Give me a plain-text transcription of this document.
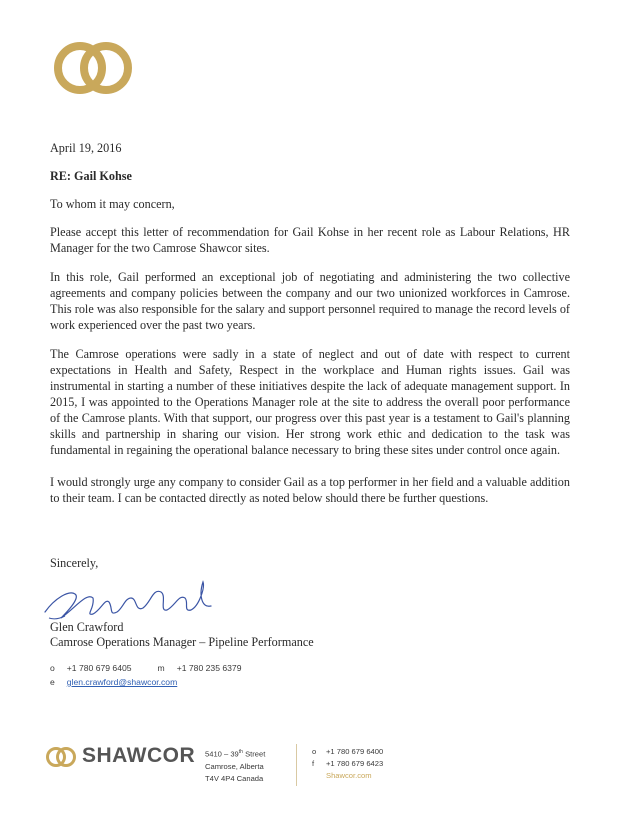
April 19, 2016
RE: Gail Kohse
To whom it may concern,
Please accept this letter of recommendation for Gail Kohse in her recent role as Labour Relations, HR Manager for the two Camrose Shawcor sites.
In this role, Gail performed an exceptional job of negotiating and administering the two collective agreements and company policies between the company and our two unionized workforces in Camrose. This role was also responsible for the salary and support personnel required to manage the record levels of work experienced over the past two years.
The Camrose operations were sadly in a state of neglect and out of date with respect to current expectations in Health and Safety, Respect in the workplace and Human rights issues. Gail was instrumental in starting a number of these initiatives despite the lack of adequate management support. In 2015, I was appointed to the Operations Manager role at the site to address the overall poor performance of the Camrose plants. With that support, our progress over this past year is a testament to Gail's planning skills and partnership in sharing our vision. Her strong work ethic and dedication to the task was fundamental in regaining the operational balance necessary to bring these sites under control once again.
I would strongly urge any company to consider Gail as a top performer in her field and a valuable addition to their team. I can be contacted directly as noted below should there be further questions.
Sincerely,
Glen Crawford
Camrose Operations Manager – Pipeline Performance
o +1 780 679 6405	m +1 780 235 6379
e glen.crawford@shawcor.com
SHAWCOR 5410 – 39th Street
Camrose, Alberta
T4V 4P4 Canada
o +1 780 679 6400
f +1 780 679 6423
Shawcor.com
